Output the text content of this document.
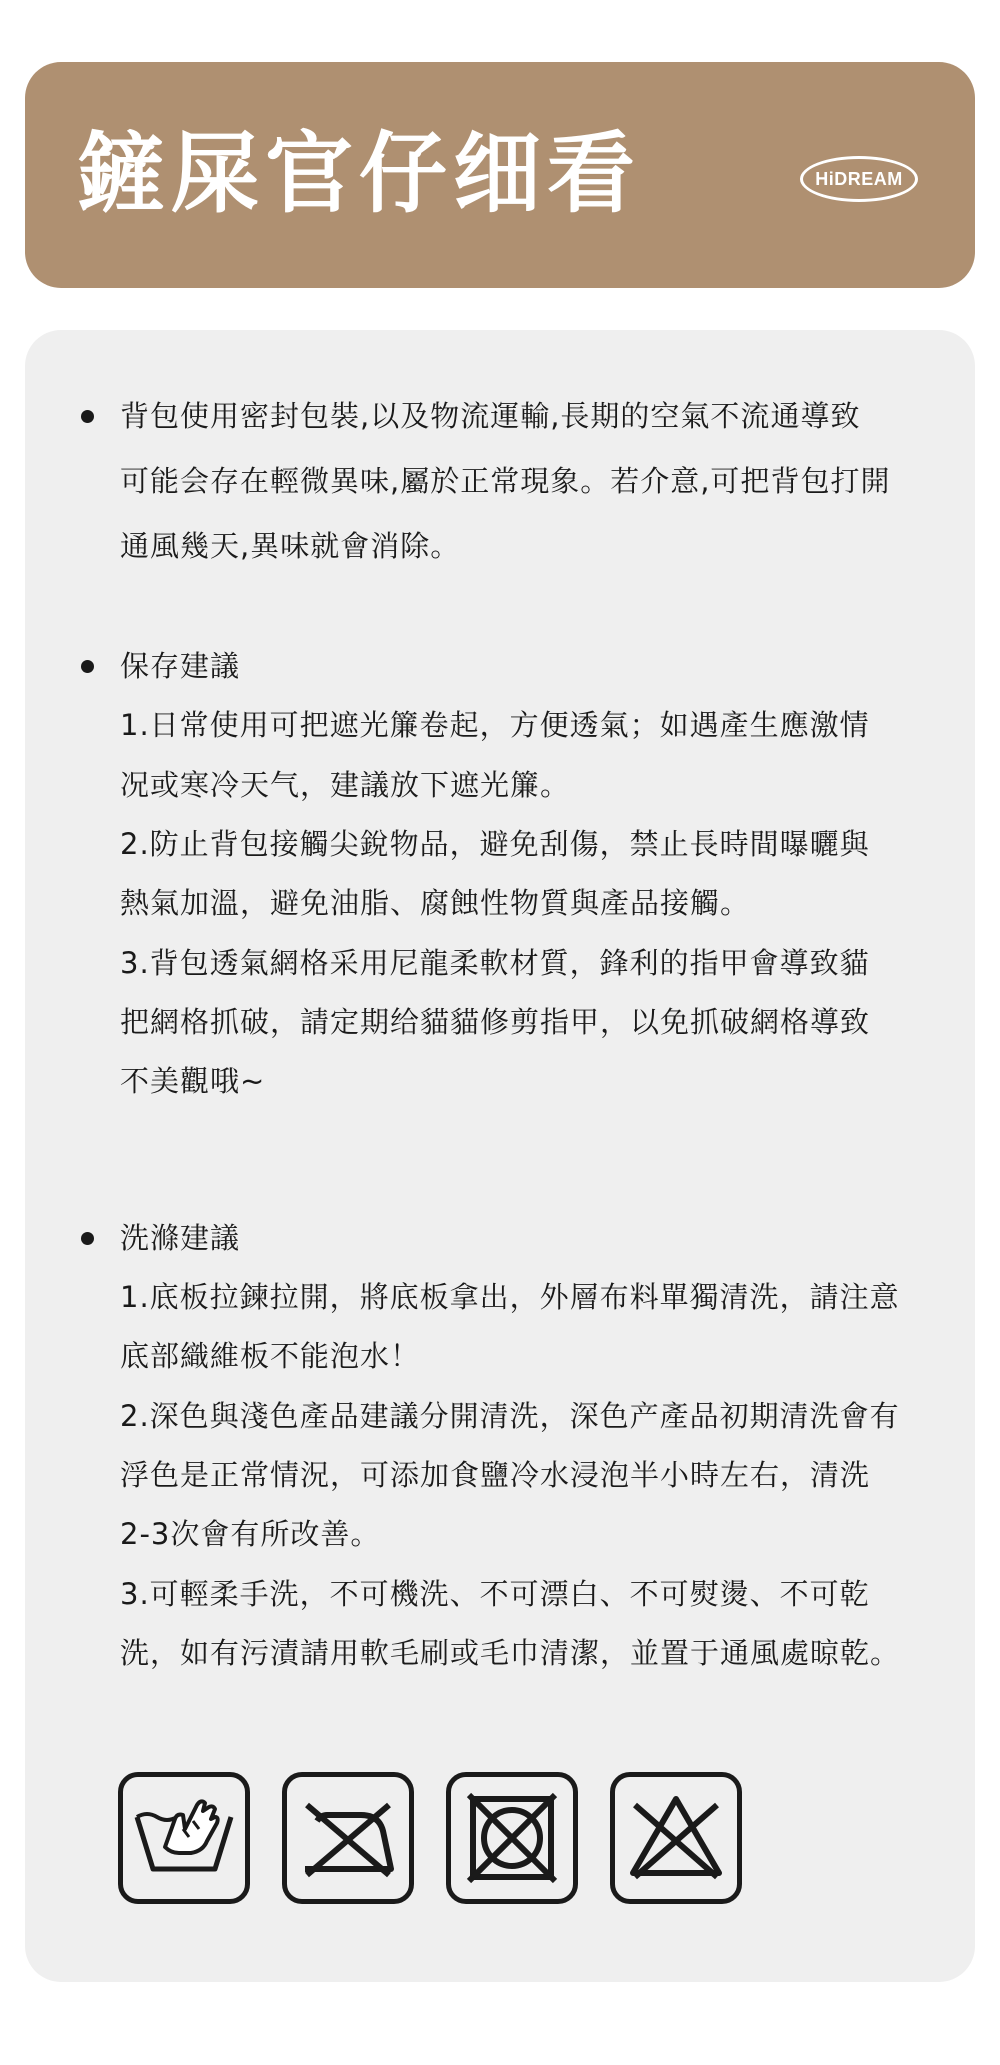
鏟屎官仔细看	HiDREAM
背包使用密封包裝,以及物流運輸,長期的空氣不流通導致
可能会存在輕微異味,屬於正常現象。若介意,可把背包打開
通風幾天,異味就會消除。
保存建議
1.日常使用可把遮光簾卷起，方便透氣；如遇產生應激情
况或寒冷天气，建議放下遮光簾。
2.防止背包接觸尖銳物品，避免刮傷，禁止長時間曝曬與
熱氣加溫，避免油脂、腐蝕性物質與產品接觸。
3.背包透氣網格采用尼龍柔軟材質，鋒利的指甲會導致貓
把網格抓破，請定期给貓貓修剪指甲，以免抓破網格導致
不美觀哦~
洗滌建議
1.底板拉鍊拉開，將底板拿出，外層布料單獨清洗，請注意
底部織維板不能泡水！
2.深色與淺色產品建議分開清洗，深色产產品初期清洗會有
浮色是正常情況，可添加食鹽冷水浸泡半小時左右，清洗
2-3次會有所改善。
3.可輕柔手洗，不可機洗、不可漂白、不可熨燙、不可乾
洗，如有污漬請用軟毛刷或毛巾清潔，並置于通風處晾乾。
